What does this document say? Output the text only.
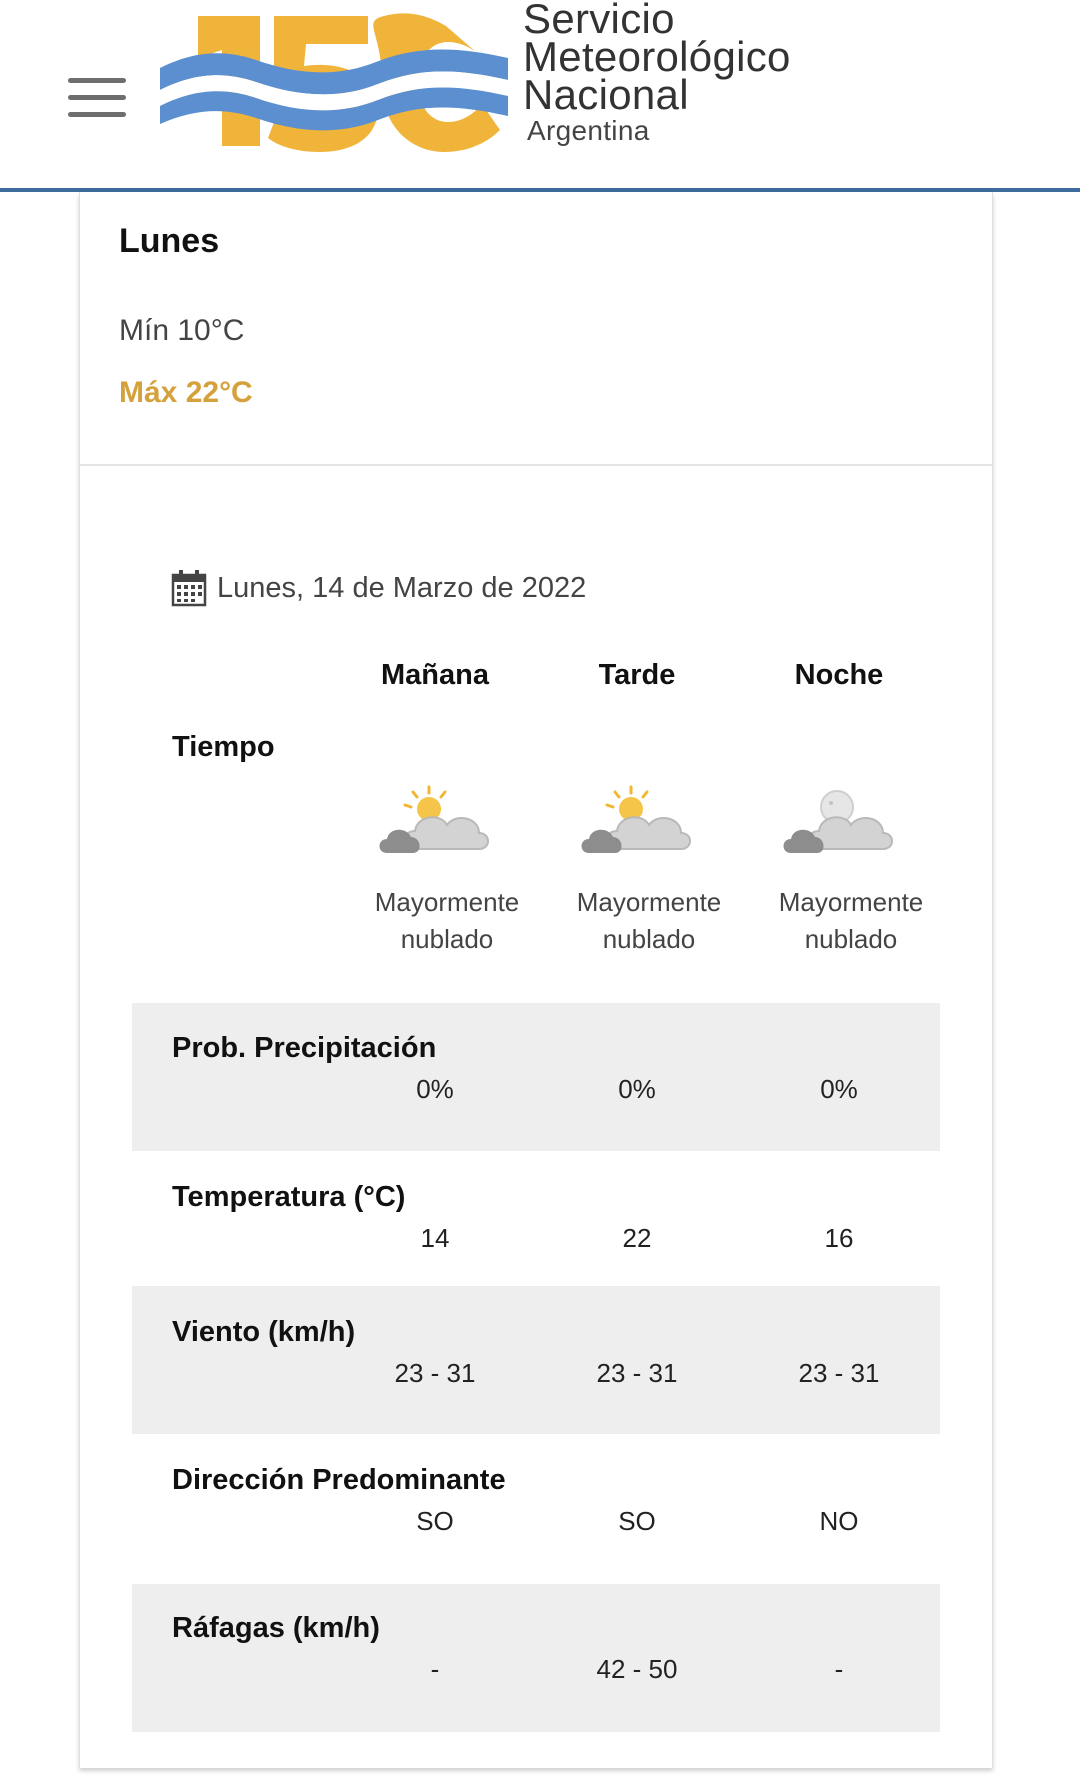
Servicio
Meteorológico
Nacional
Argentina
Lunes
Mín 10°C
Máx 22°C
Lunes, 14 de Marzo de 2022
Mañana	Tarde	Noche
Tiempo
Mayormente
nublado
Mayormente
nublado
Mayormente
nublado
Prob. Precipitación
0%	0%	0%
Temperatura (°C)
14	22	16
Viento (km/h)
23 - 31	23 - 31	23 - 31
Dirección Predominante
SO	SO	NO
Ráfagas (km/h)
-	42 - 50	-
